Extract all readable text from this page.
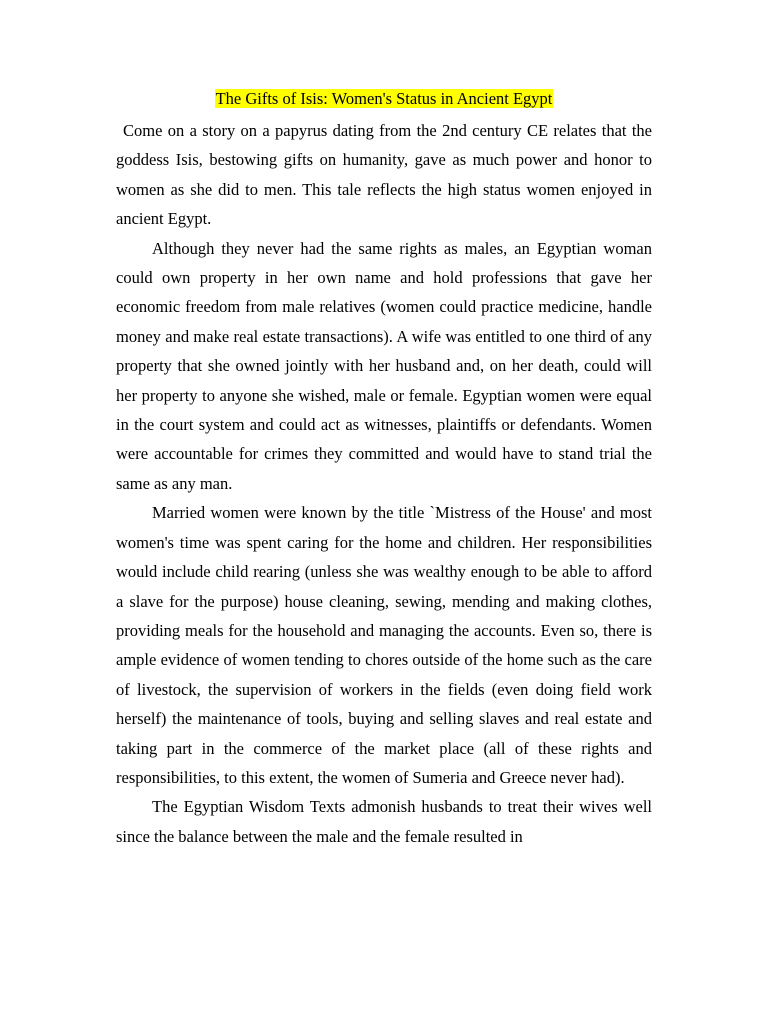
The Gifts of Isis: Women's Status in Ancient Egypt

Come on a story on a papyrus dating from the 2nd century CE relates that the goddess Isis, bestowing gifts on humanity, gave as much power and honor to women as she did to men. This tale reflects the high status women enjoyed in ancient Egypt.

Although they never had the same rights as males, an Egyptian woman could own property in her own name and hold professions that gave her economic freedom from male relatives (women could practice medicine, handle money and make real estate transactions). A wife was entitled to one third of any property that she owned jointly with her husband and, on her death, could will her property to anyone she wished, male or female. Egyptian women were equal in the court system and could act as witnesses, plaintiffs or defendants. Women were accountable for crimes they committed and would have to stand trial the same as any man.

Married women were known by the title `Mistress of the House' and most women's time was spent caring for the home and children. Her responsibilities would include child rearing (unless she was wealthy enough to be able to afford a slave for the purpose) house cleaning, sewing, mending and making clothes, providing meals for the household and managing the accounts. Even so, there is ample evidence of women tending to chores outside of the home such as the care of livestock, the supervision of workers in the fields (even doing field work herself) the maintenance of tools, buying and selling slaves and real estate and taking part in the commerce of the market place (all of these rights and responsibilities, to this extent, the women of Sumeria and Greece never had).

The Egyptian Wisdom Texts admonish husbands to treat their wives well since the balance between the male and the female resulted in
